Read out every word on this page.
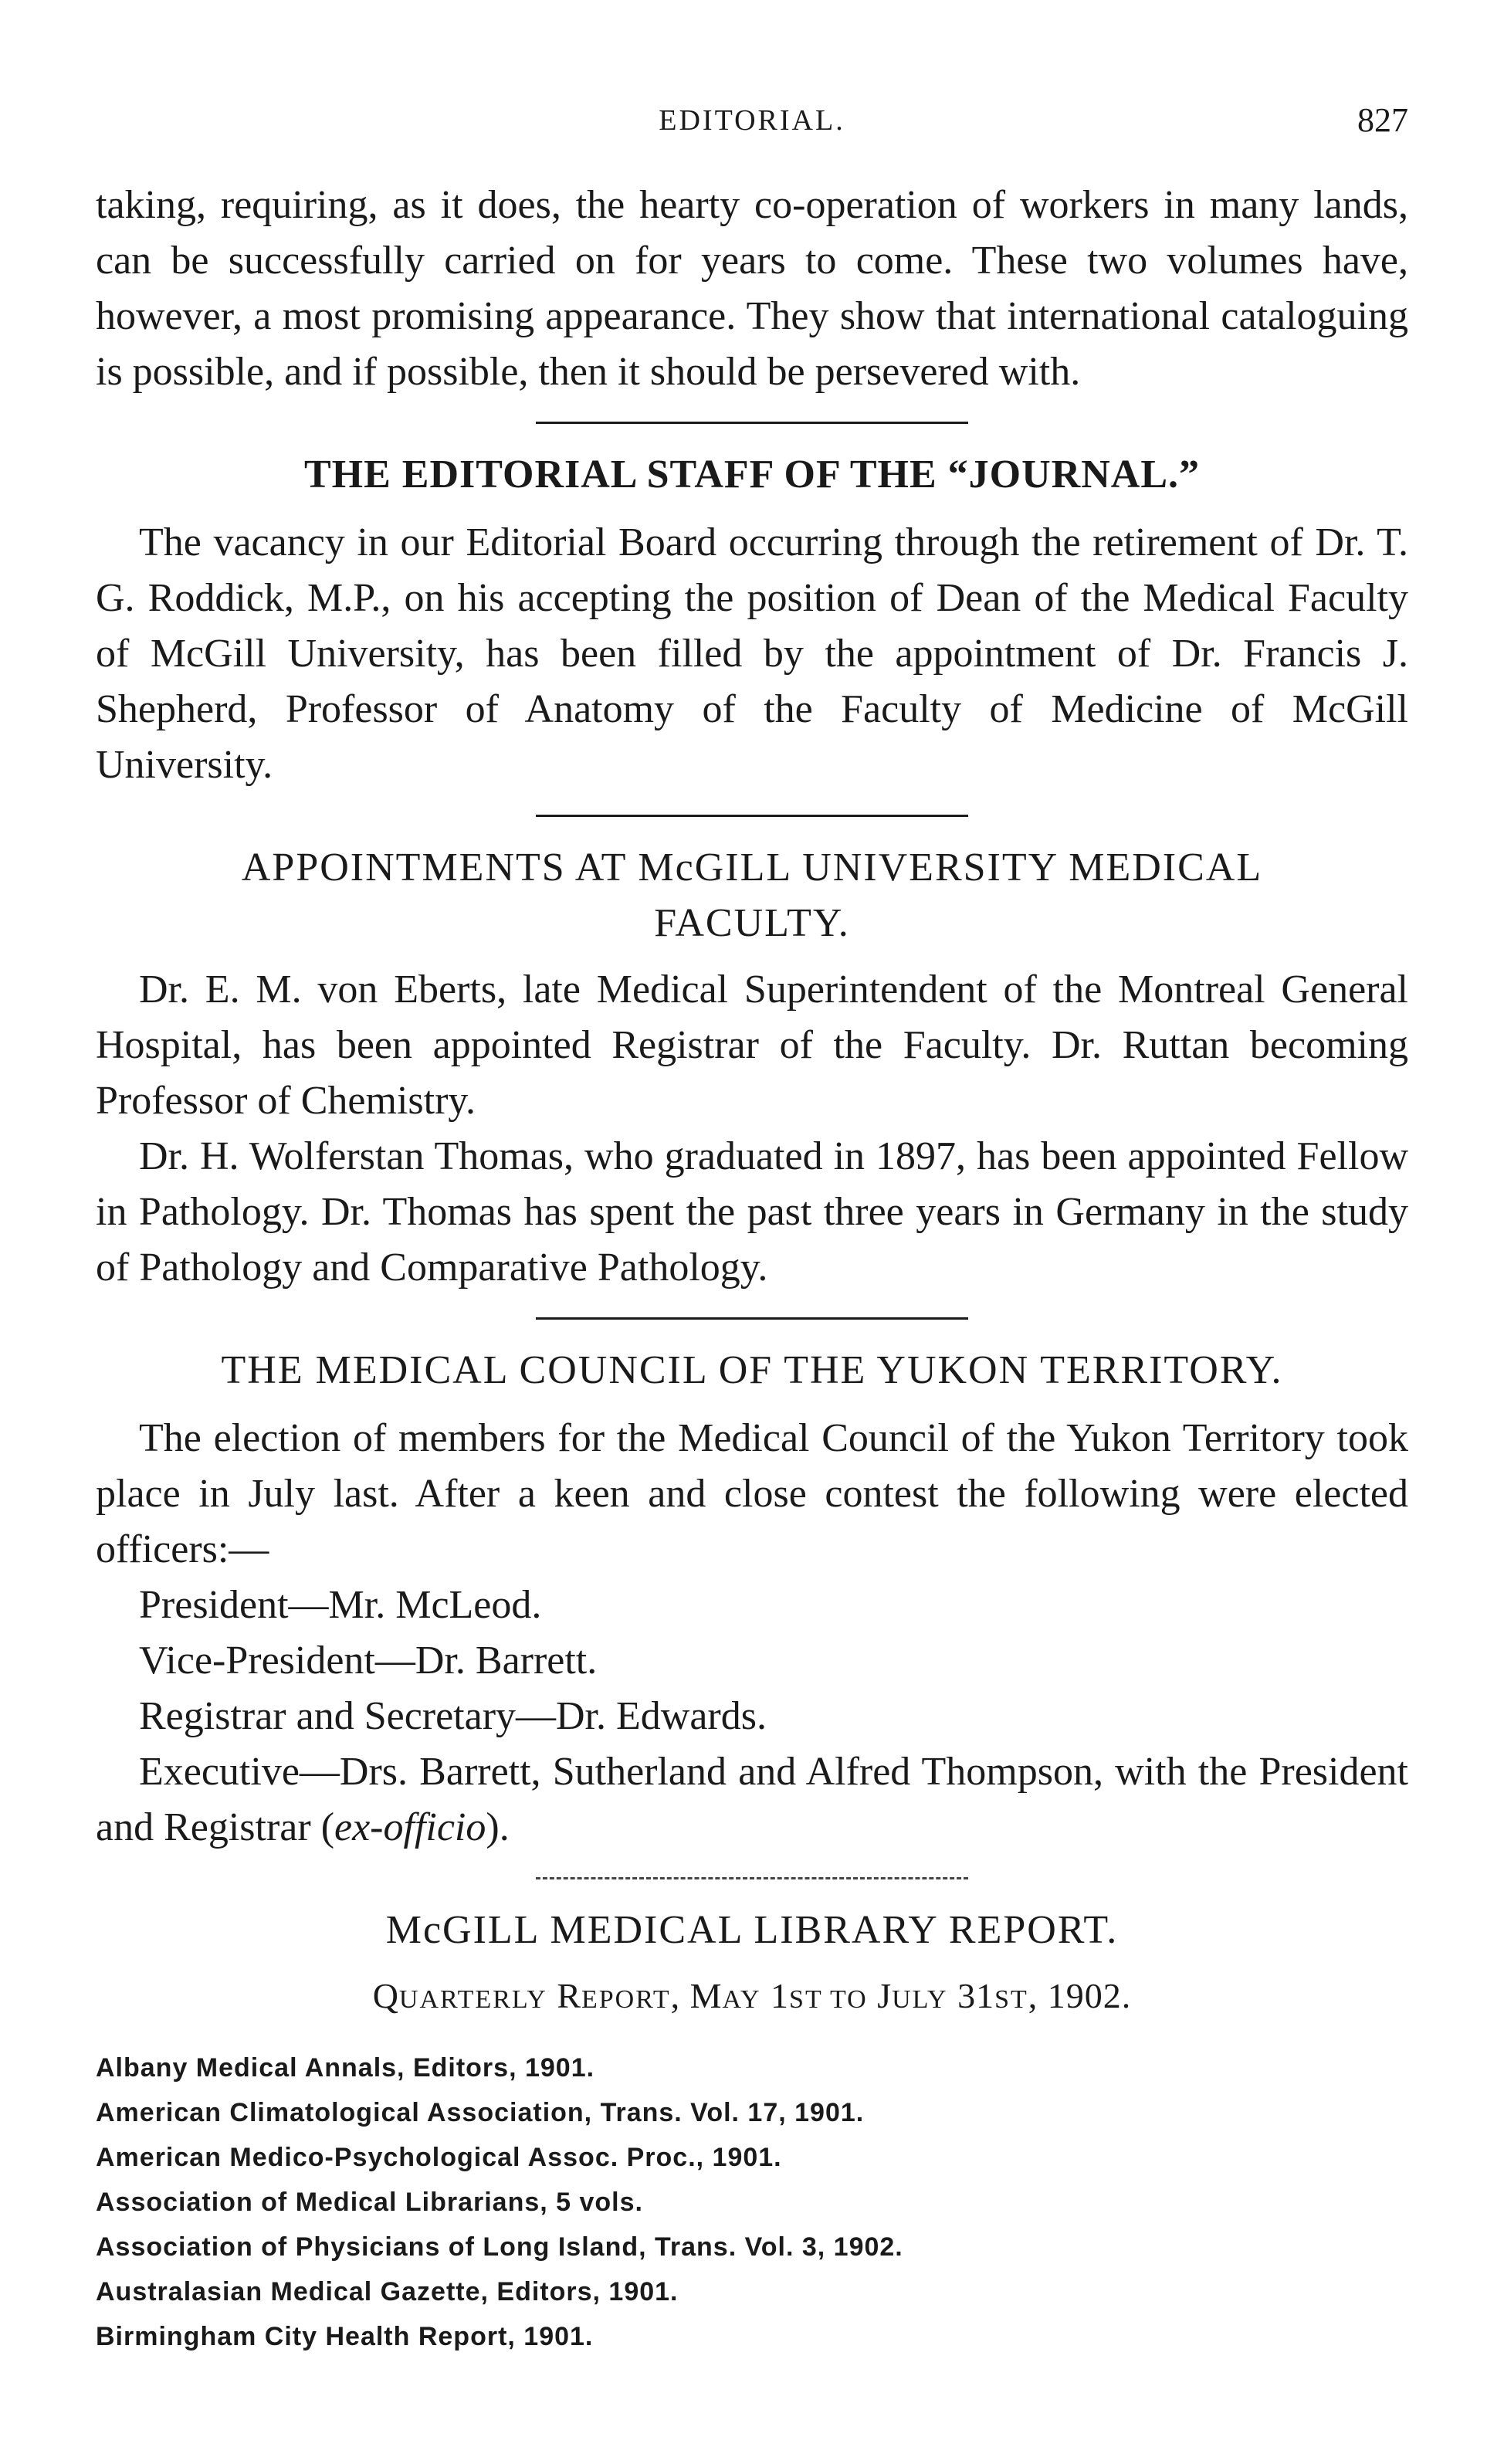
EDITORIAL.	827

taking, requiring, as it does, the hearty co-operation of workers in many lands, can be successfully carried on for years to come. These two volumes have, however, a most promising appearance. They show that international cataloguing is possible, and if possible, then it should be persevered with.

THE EDITORIAL STAFF OF THE “JOURNAL.”

The vacancy in our Editorial Board occurring through the retirement of Dr. T. G. Roddick, M.P., on his accepting the position of Dean of the Medical Faculty of McGill University, has been filled by the appointment of Dr. Francis J. Shepherd, Professor of Anatomy of the Faculty of Medicine of McGill University.

APPOINTMENTS AT McGILL UNIVERSITY MEDICAL
FACULTY.

Dr. E. M. von Eberts, late Medical Superintendent of the Montreal General Hospital, has been appointed Registrar of the Faculty. Dr. Ruttan becoming Professor of Chemistry.

Dr. H. Wolferstan Thomas, who graduated in 1897, has been appointed Fellow in Pathology. Dr. Thomas has spent the past three years in Germany in the study of Pathology and Comparative Pathology.

THE MEDICAL COUNCIL OF THE YUKON TERRITORY.

The election of members for the Medical Council of the Yukon Territory took place in July last. After a keen and close contest the following were elected officers:—

President—Mr. McLeod.
Vice-President—Dr. Barrett.
Registrar and Secretary—Dr. Edwards.

Executive—Drs. Barrett, Sutherland and Alfred Thompson, with the President and Registrar (ex-officio).

McGILL MEDICAL LIBRARY REPORT.
QUARTERLY REPORT, MAY 1ST TO JULY 31ST, 1902.
Albany Medical Annals, Editors, 1901.
American Climatological Association, Trans. Vol. 17, 1901.
American Medico-Psychological Assoc. Proc., 1901.
Association of Medical Librarians, 5 vols.
Association of Physicians of Long Island, Trans. Vol. 3, 1902.
Australasian Medical Gazette, Editors, 1901.
Birmingham City Health Report, 1901.
